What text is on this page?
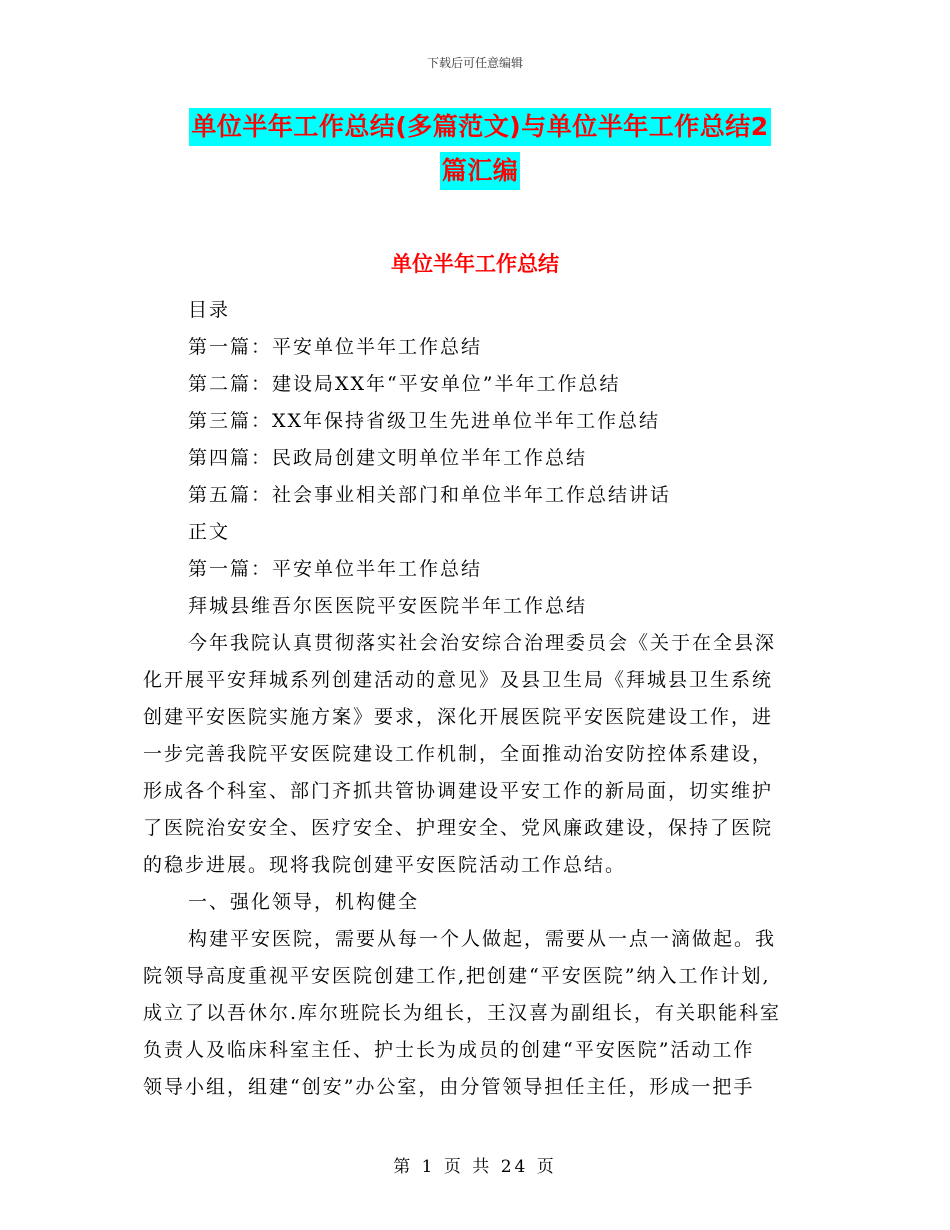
下载后可任意编辑
单位半年工作总结(多篇范文)与单位半年工作总结2
篇汇编
单位半年工作总结
目录
第一篇：平安单位半年工作总结
第二篇：建设局XX年“平安单位”半年工作总结
第三篇：XX年保持省级卫生先进单位半年工作总结
第四篇：民政局创建文明单位半年工作总结
第五篇：社会事业相关部门和单位半年工作总结讲话
正文
第一篇：平安单位半年工作总结
拜城县维吾尔医医院平安医院半年工作总结
今年我院认真贯彻落实社会治安综合治理委员会《关于在全县深
化开展平安拜城系列创建活动的意见》及县卫生局《拜城县卫生系统
创建平安医院实施方案》要求，深化开展医院平安医院建设工作，进
一步完善我院平安医院建设工作机制，全面推动治安防控体系建设，
形成各个科室、部门齐抓共管协调建设平安工作的新局面，切实维护
了医院治安安全、医疗安全、护理安全、党风廉政建设，保持了医院
的稳步进展。现将我院创建平安医院活动工作总结。
一、强化领导，机构健全
构建平安医院，需要从每一个人做起，需要从一点一滴做起。我
院领导高度重视平安医院创建工作,把创建“平安医院”纳入工作计划,
成立了以吾休尔.库尔班院长为组长，王汉喜为副组长，有关职能科室
负责人及临床科室主任、护士长为成员的创建“平安医院”活动工作
领导小组，组建“创安”办公室，由分管领导担任主任，形成一把手
第 1 页 共 24 页
